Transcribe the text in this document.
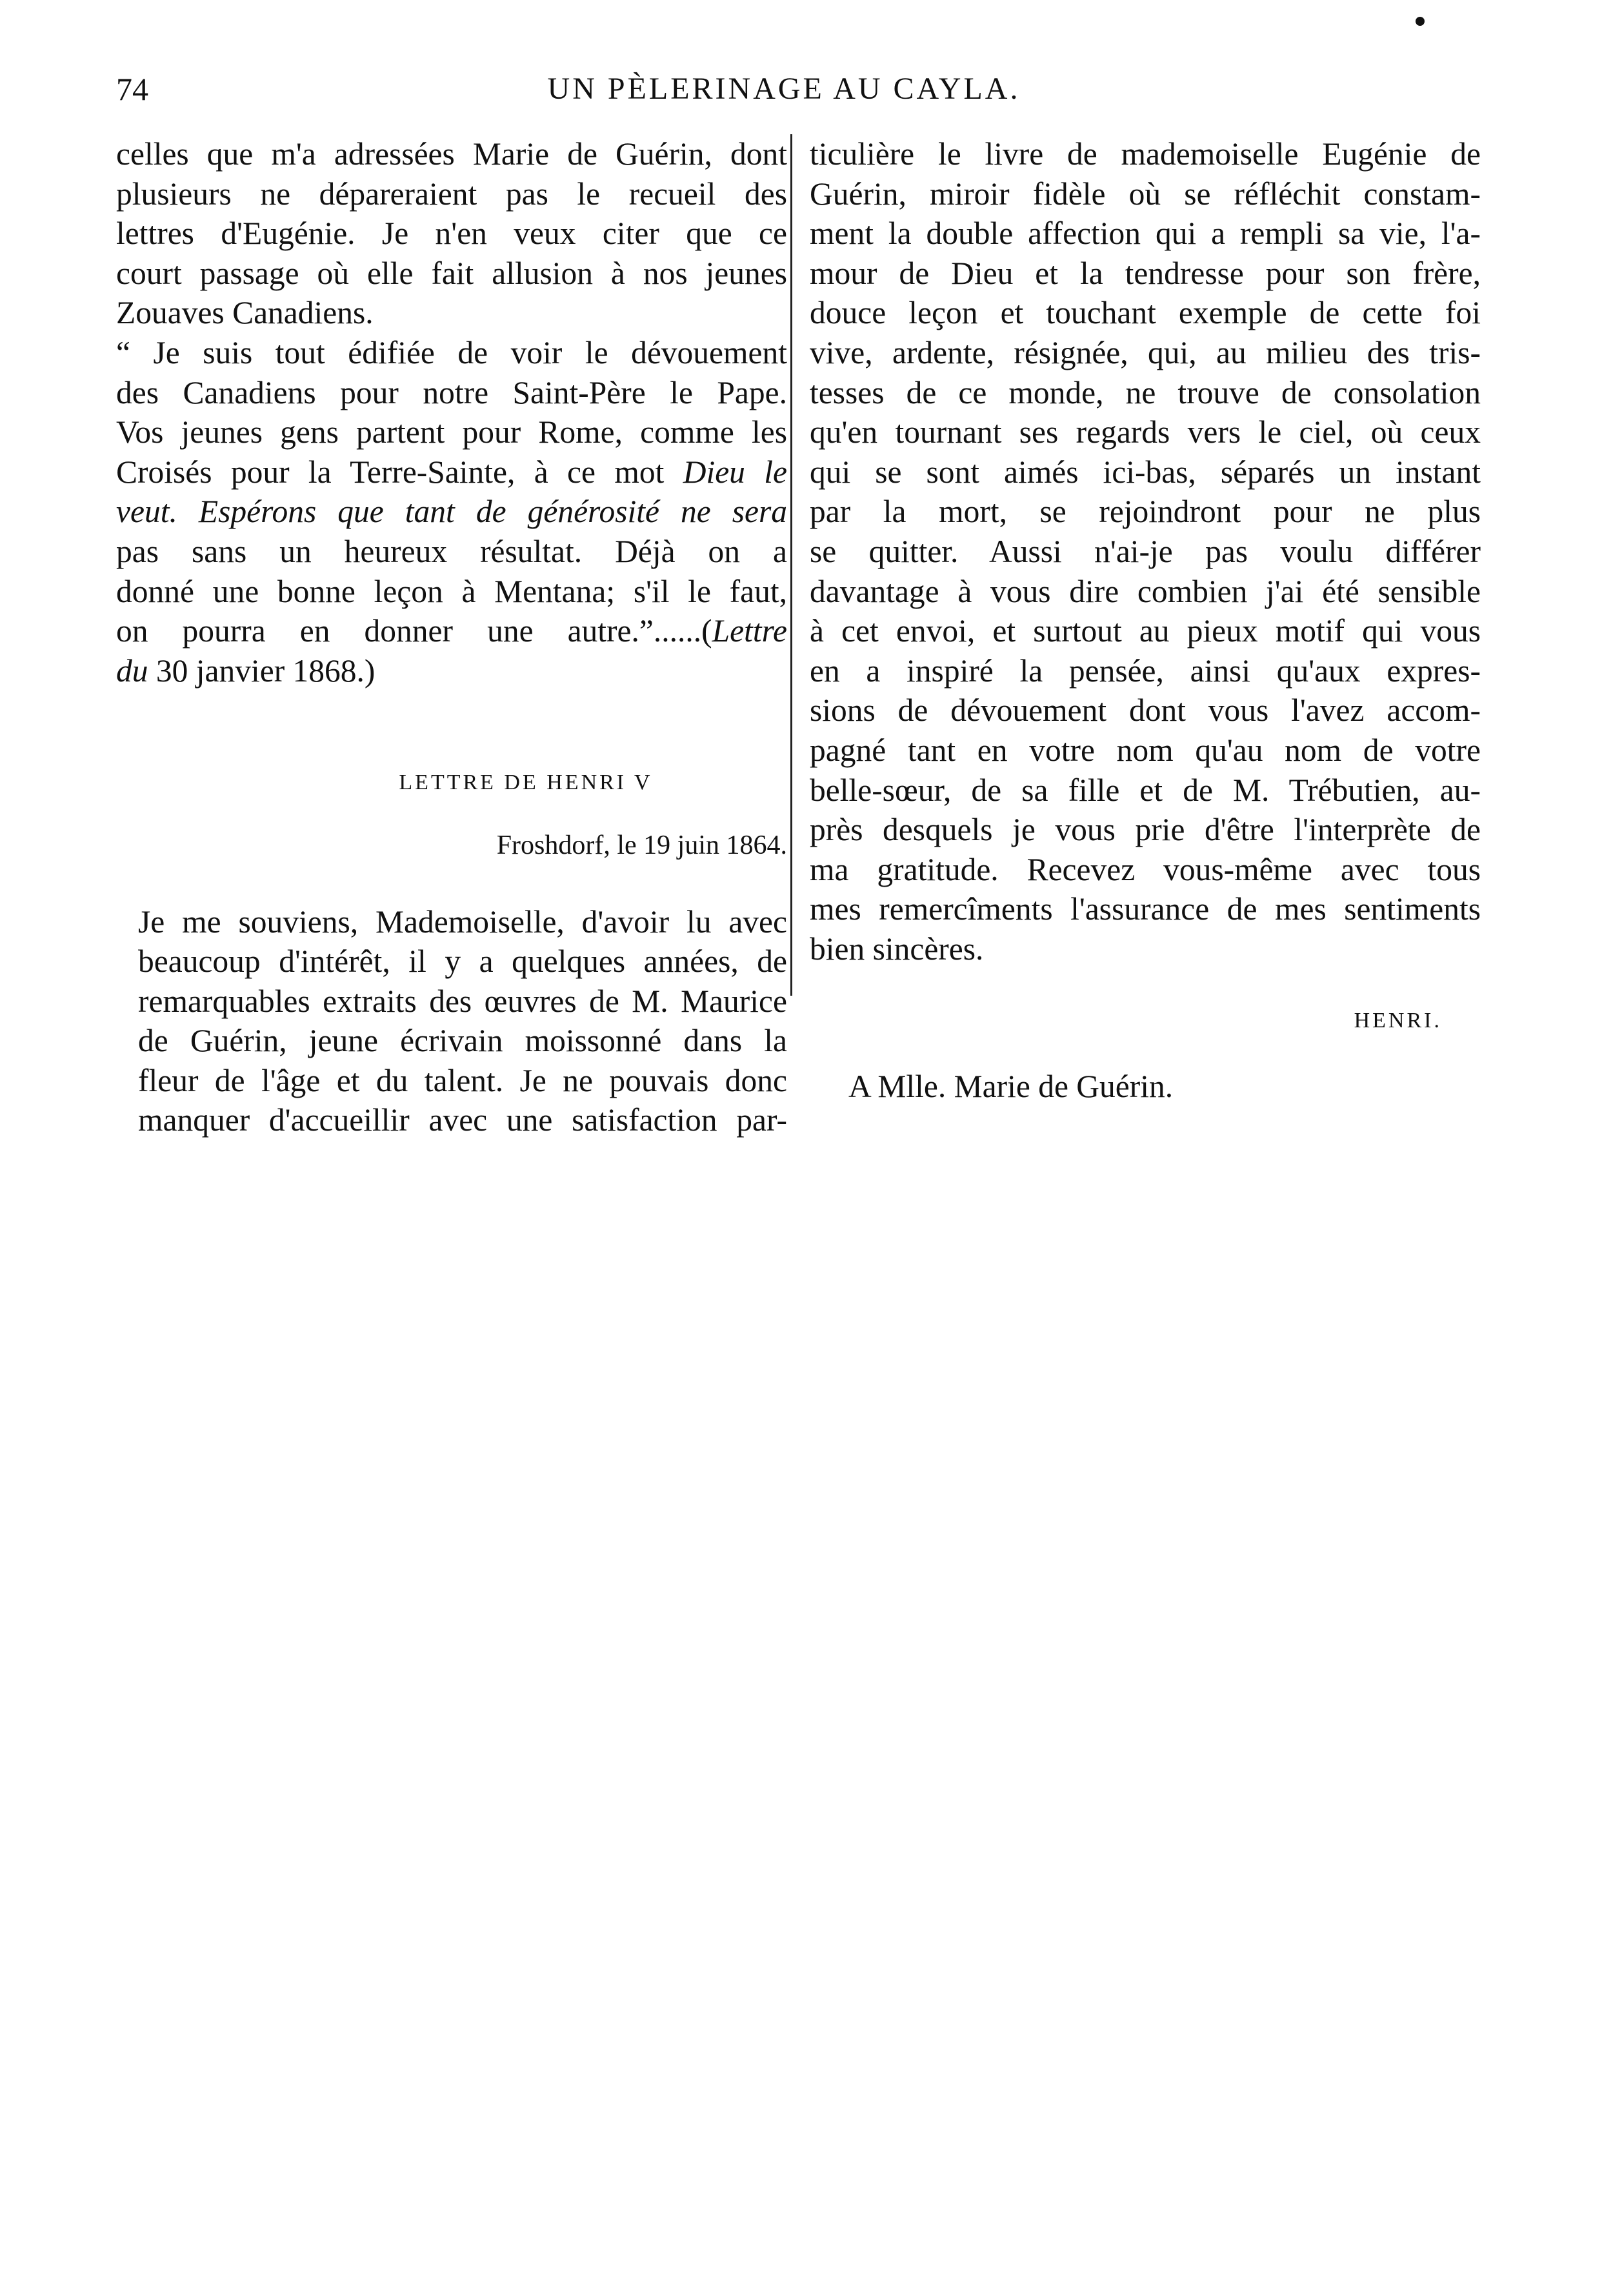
74	UN PÈLERINAGE AU CAYLA.

celles que m'a adressées Marie de Guérin, dont
plusieurs ne dépareraient pas le recueil des
lettres d'Eugénie. Je n'en veux citer que ce
court passage où elle fait allusion à nos jeunes
Zouaves Canadiens.

“ Je suis tout édifiée de voir le dévouement
des Canadiens pour notre Saint-Père le Pape.
Vos jeunes gens partent pour Rome, comme les
Croisés pour la Terre-Sainte, à ce mot Dieu le
veut. Espérons que tant de générosité ne sera
pas sans un heureux résultat. Déjà on a
donné une bonne leçon à Mentana; s'il le faut,
on pourra en donner une autre.”......(Lettre
du 30 janvier 1868.)

LETTRE DE HENRI V

Froshdorf, le 19 juin 1864.

Je me souviens, Mademoiselle, d'avoir lu avec
beaucoup d'intérêt, il y a quelques années, de
remarquables extraits des œuvres de M. Maurice
de Guérin, jeune écrivain moissonné dans la
fleur de l'âge et du talent. Je ne pouvais donc
manquer d'accueillir avec une satisfaction par-

ticulière le livre de mademoiselle Eugénie de
Guérin, miroir fidèle où se réfléchit constam-
ment la double affection qui a rempli sa vie, l'a-
mour de Dieu et la tendresse pour son frère,
douce leçon et touchant exemple de cette foi
vive, ardente, résignée, qui, au milieu des tris-
tesses de ce monde, ne trouve de consolation
qu'en tournant ses regards vers le ciel, où ceux
qui se sont aimés ici-bas, séparés un instant
par la mort, se rejoindront pour ne plus
se quitter. Aussi n'ai-je pas voulu différer
davantage à vous dire combien j'ai été sensible
à cet envoi, et surtout au pieux motif qui vous
en a inspiré la pensée, ainsi qu'aux expres-
sions de dévouement dont vous l'avez accom-
pagné tant en votre nom qu'au nom de votre
belle-sœur, de sa fille et de M. Trébutien, au-
près desquels je vous prie d'être l'interprète de
ma gratitude. Recevez vous-même avec tous
mes remercîments l'assurance de mes sentiments
bien sincères.

HENRI.

A Mlle. Marie de Guérin.
